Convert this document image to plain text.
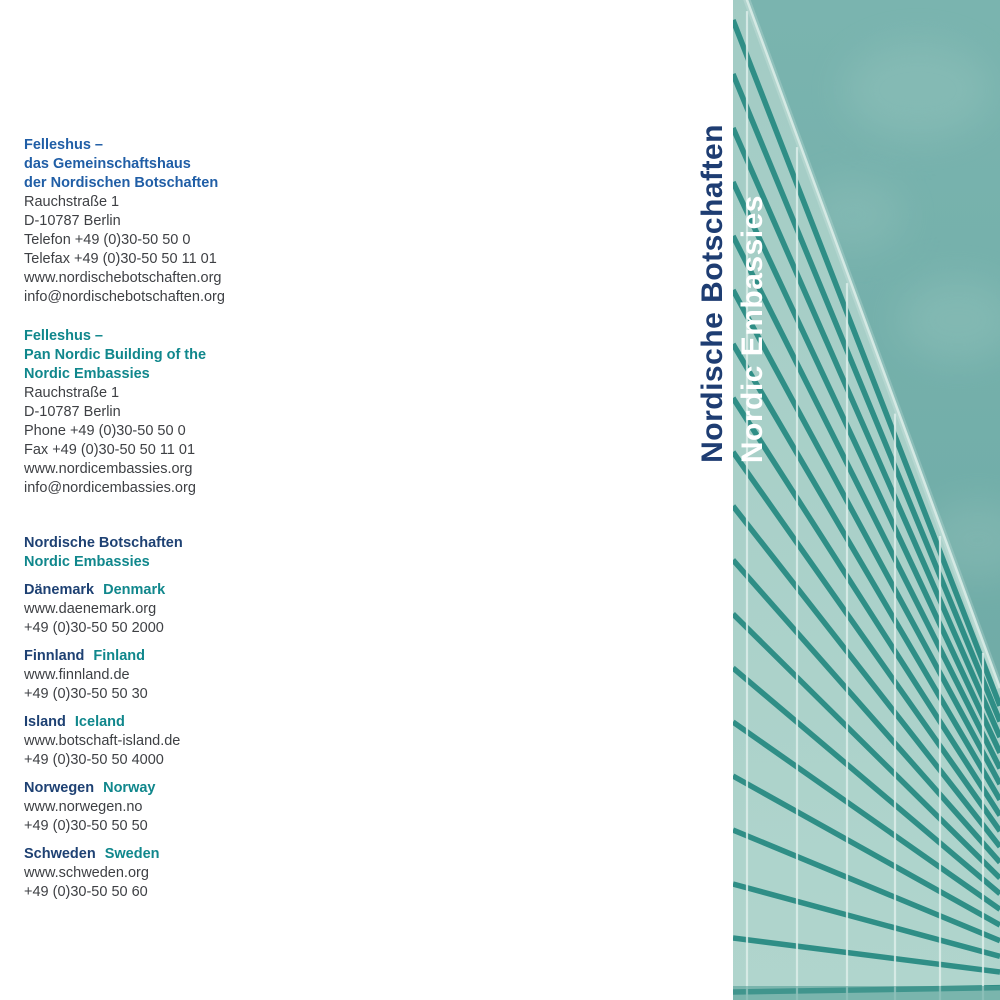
Felleshus –

das Gemeinschaftshaus

der Nordischen Botschaften

Rauchstraße 1

D-10787 Berlin

Telefon +49 (0)30-50 50 0

Telefax +49 (0)30-50 50 11 01

www.nordischebotschaften.org

info@nordischebotschaften.org

Felleshus –

Pan Nordic Building of the

Nordic Embassies

Rauchstraße 1

D-10787 Berlin

Phone +49 (0)30-50 50 0

Fax +49 (0)30-50 50 11 01

www.nordicembassies.org

info@nordicembassies.org

Nordische Botschaften

Nordic Embassies

Dänemark Denmark

www.daenemark.org

+49 (0)30-50 50 2000

Finnland Finland

www.finnland.de

+49 (0)30-50 50 30

Island Iceland

www.botschaft-island.de

+49 (0)30-50 50 4000

Norwegen Norway

www.norwegen.no

+49 (0)30-50 50 50

Schweden Sweden

www.schweden.org

+49 (0)30-50 50 60

Nordische Botschaften Nordic Embassies
